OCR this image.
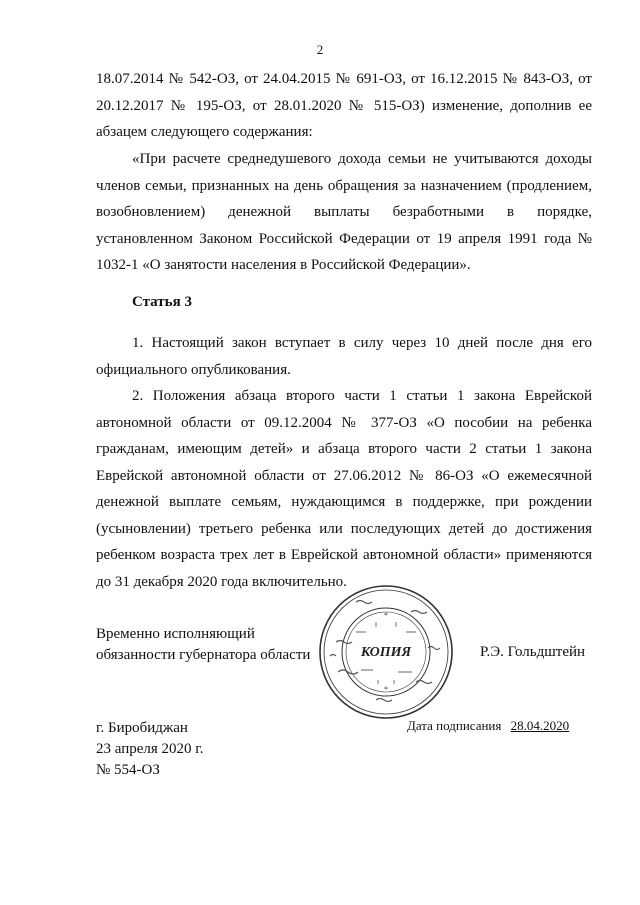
2

18.07.2014 № 542-ОЗ, от 24.04.2015 № 691-ОЗ, от 16.12.2015 № 843-ОЗ, от 20.12.2017 № 195-ОЗ, от 28.01.2020 № 515-ОЗ) изменение, дополнив ее абзацем следующего содержания:

«При расчете среднедушевого дохода семьи не учитываются доходы членов семьи, признанных на день обращения за назначением (продлением, возобновлением) денежной выплаты безработными в порядке, установленном Законом Российской Федерации от 19 апреля 1991 года № 1032-1 «О занятости населения в Российской Федерации».

Статья 3

1. Настоящий закон вступает в силу через 10 дней после дня его официального опубликования.

2. Положения абзаца второго части 1 статьи 1 закона Еврейской автономной области от 09.12.2004 № 377-ОЗ «О пособии на ребенка гражданам, имеющим детей» и абзаца второго части 2 статьи 1 закона Еврейской автономной области от 27.06.2012 № 86-ОЗ «О ежемесячной денежной выплате семьям, нуждающимся в поддержке, при рождении (усыновлении) третьего ребенка или последующих детей до достижения ребенком возраста трех лет в Еврейской автономной области» применяются до 31 декабря 2020 года включительно.

Временно исполняющий
обязанности губернатора области	КОПИЯ
*
*
Р.Э. Гольдштейн
г. Биробиджан
23 апреля 2020 г.
№ 554-ОЗ
Дата подписания 28.04.2020
